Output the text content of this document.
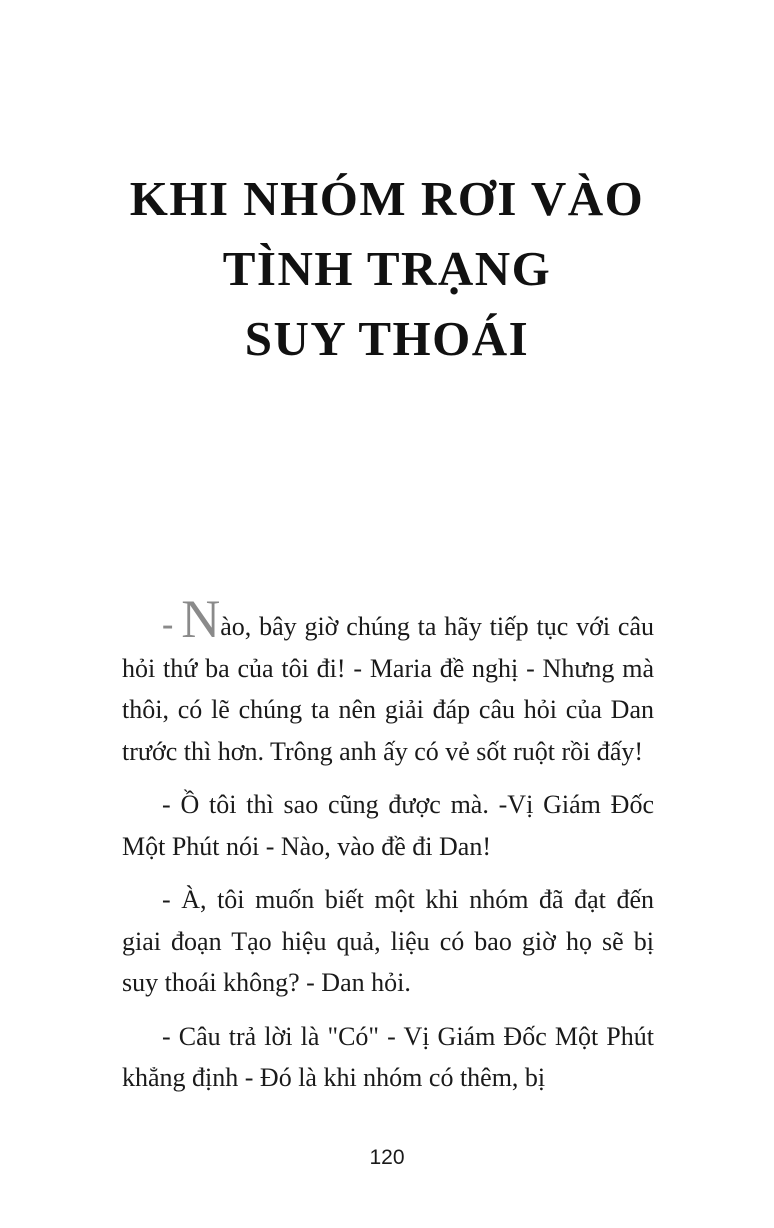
KHI NHÓM RƠI VÀO
TÌNH TRẠNG
SUY THOÁI

- Nào, bây giờ chúng ta hãy tiếp tục với câu hỏi thứ ba của tôi đi! - Maria đề nghị - Nhưng mà thôi, có lẽ chúng ta nên giải đáp câu hỏi của Dan trước thì hơn. Trông anh ấy có vẻ sốt ruột rồi đấy!

- Ồ tôi thì sao cũng được mà. -Vị Giám Đốc Một Phút nói - Nào, vào đề đi Dan!

- À, tôi muốn biết một khi nhóm đã đạt đến giai đoạn Tạo hiệu quả, liệu có bao giờ họ sẽ bị suy thoái không? - Dan hỏi.

- Câu trả lời là "Có" - Vị Giám Đốc Một Phút khẳng định - Đó là khi nhóm có thêm, bị

120
